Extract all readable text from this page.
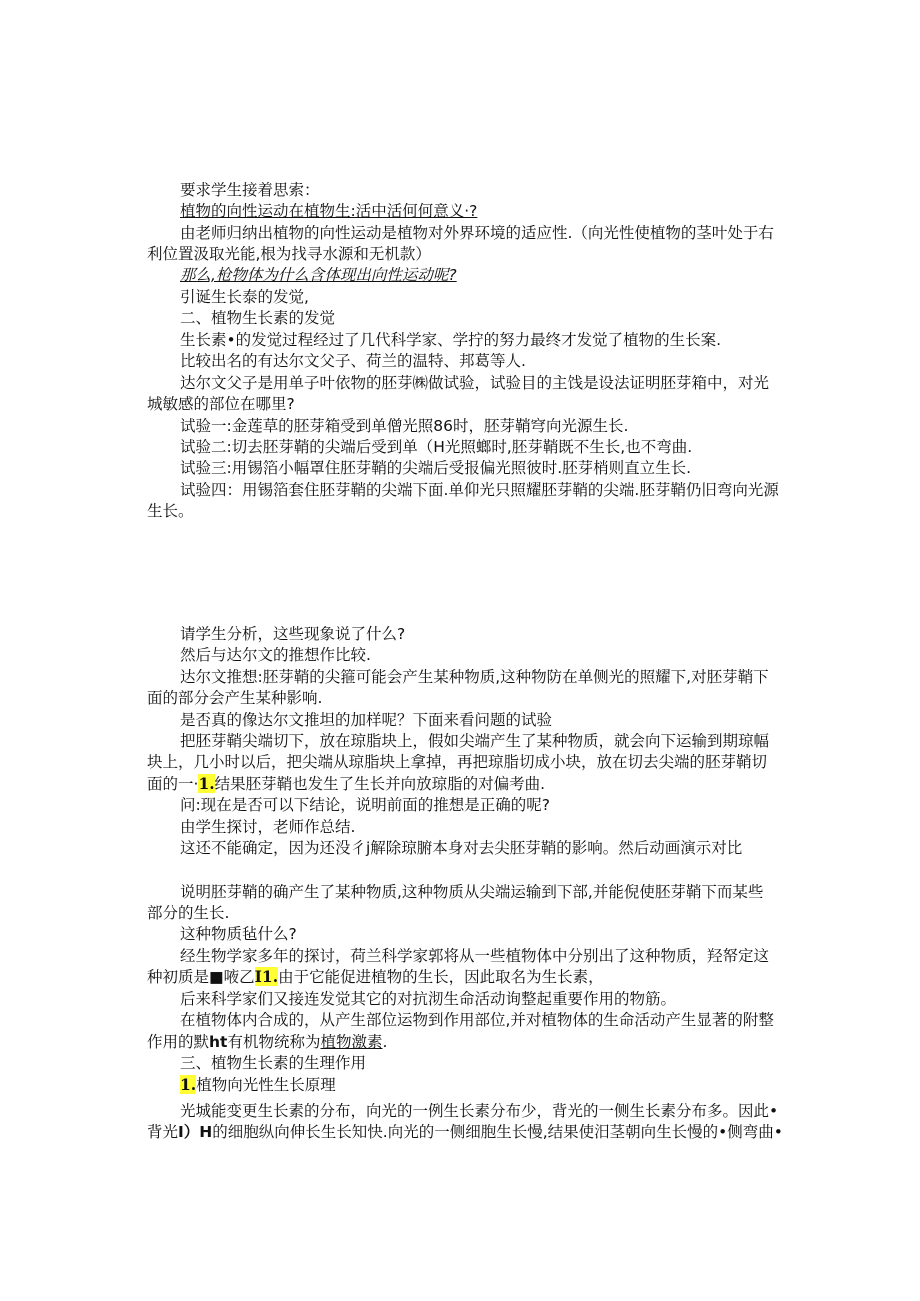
要求学生接着思索：
植物的向性运动在植物生:活中活何何意义·?
由老师归纳出植物的向性运动是植物对外界环境的适应性.（向光性使植物的茎叶处于右
利位置汲取光能,根为找寻水源和无机款）
那么,枪物体为什么含体现出向性运动呢?
引诞生长泰的发觉,
二、植物生长素的发觉
生长素•的发觉过程经过了几代科学家、学拧的努力最终才发觉了植物的生长案.
比较出名的有达尔文父子、荷兰的温特、邦葛等人.
达尔文父子是用单子叶依物的胚芽㈱做试验，试验目的主饯是设法证明胚芽箱中，对光
城敏感的部位在哪里?
试验一:金莲草的胚芽箱受到单僧光照86时，胚芽鞘穹向光源生长.
试验二:切去胚芽鞘的尖端后受到单（H光照螂时,胚芽鞘既不生长,也不弯曲.
试验三:用锡箔小幅罩住胚芽鞘的尖端后受报偏光照彼时.胚芽梢则直立生长.
试验四：用锡箔套住胚芽鞘的尖端下面.单仰光只照耀胚芽鞘的尖端.胚芽鞘仍旧弯向光源
生长。
请学生分析，这些现象说了什么?
然后与达尔文的推想作比较.
达尔文推想:胚芽鞘的尖箍可能会产生某种物质,这种物防在单侧光的照耀下,对胚芽鞘下
面的部分会产生某种影响.
是否真的像达尔文推坦的加样呢？下面来看问题的试验
把胚芽鞘尖端切下，放在琼脂块上，假如尖端产生了某种物质，就会向下运输到期琼幅
块上，几小时以后，把尖端从琼脂块上拿掉，再把琼脂切成小块，放在切去尖端的胚芽鞘切
面的一·1.结果胚芽鞘也发生了生长并向放琼脂的对偏考曲.
问:现在是否可以下结论，说明前面的推想是正确的呢?
由学生探讨，老师作总结.
这还不能确定，因为还没彳j解除琼腑本身对去尖胚芽鞘的影响。然后动画演示对比
说明胚芽鞘的确产生了某种物质,这种物质从尖端运输到下部,并能倪使胚芽鞘下而某些
部分的生长.
这种物质毡什么?
经生物学家多年的探讨，荷兰科学家郭将从一些植物体中分别出了这种物质，羟帑定这
种初质是■㖡乙I1.由于它能促进植物的生长，因此取名为生长素，
后来科学家们又接连发觉其它的对抗沏生命活动询整起重要作用的物筋。
在植物体内合成的，从产生部位运物到作用部位,并对植物体的生命活动产生显著的附整
作用的默ht有机物统称为植物激素.
三、植物生长素的生理作用
1.植物向光性生长原理
光城能变更生长素的分布，向光的一例生长素分布少，背光的一侧生长素分布多。因此•
背光I）H的细胞纵向伸长生长知快.向光的一侧细胞生长慢,结果使汨茎朝向生长慢的•侧弯曲•
